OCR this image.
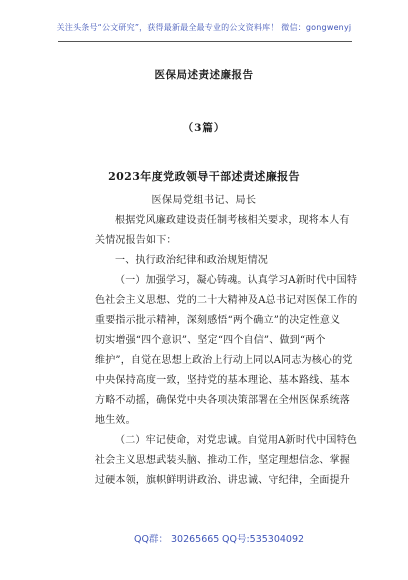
关注头条号“公文研究”，获得最新最全最专业的公文资料库！ 微信：gongwenyj
医保局述责述廉报告
（3篇）
2023年度党政领导干部述责述廉报告
医保局党组书记、局长
根据党风廉政建设责任制考核相关要求，现将本人有
关情况报告如下：
一、执行政治纪律和政治规矩情况
（一）加强学习，凝心铸魂。认真学习A新时代中国特
色社会主义思想、党的二十大精神及A总书记对医保工作的
重要指示批示精神，深刻感悟“两个确立”的决定性意义
切实增强“四个意识”、坚定“四个自信”、做到“两个
维护”，自觉在思想上政治上行动上同以A同志为核心的党
中央保持高度一致，坚持党的基本理论、基本路线、基本
方略不动摇，确保党中央各项决策部署在全州医保系统落
地生效。
（二）牢记使命，对党忠诚。自觉用A新时代中国特色
社会主义思想武装头脑、推动工作，坚定理想信念、掌握
过硬本领，旗帜鲜明讲政治、讲忠诚、守纪律，全面提升
QQ群： 30265665 QQ号:535304092
